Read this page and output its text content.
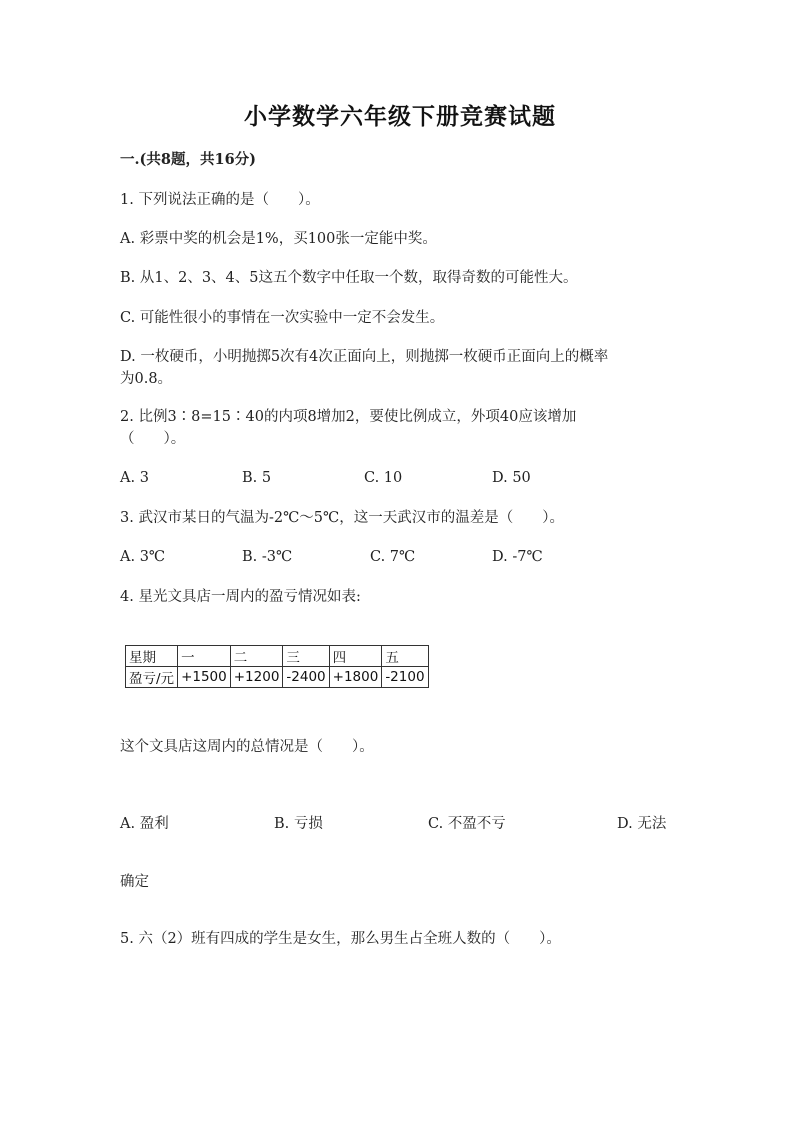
小学数学六年级下册竞赛试题
一.(共8题，共16分)
1. 下列说法正确的是（　　）。
A. 彩票中奖的机会是1%，买100张一定能中奖。
B. 从1、2、3、4、5这五个数字中任取一个数，取得奇数的可能性大。
C. 可能性很小的事情在一次实验中一定不会发生。
D. 一枚硬币，小明抛掷5次有4次正面向上，则抛掷一枚硬币正面向上的概率
为0.8。
2. 比例3∶8=15∶40的内项8增加2，要使比例成立，外项40应该增加
（　　）。
A. 3	B. 5	C. 10	D. 50
3. 武汉市某日的气温为-2℃～5℃，这一天武汉市的温差是（　　）。
A. 3℃	B. -3℃	C. 7℃	D. -7℃
4. 星光文具店一周内的盈亏情况如表:
星期	一	二	三	四	五
盈亏/元	+1500	+1200	-2400	+1800	-2100
这个文具店这周内的总情况是（　　）。
A. 盈利	B. 亏损	C. 不盈不亏	D. 无法
确定
5. 六（2）班有四成的学生是女生，那么男生占全班人数的（　　）。
